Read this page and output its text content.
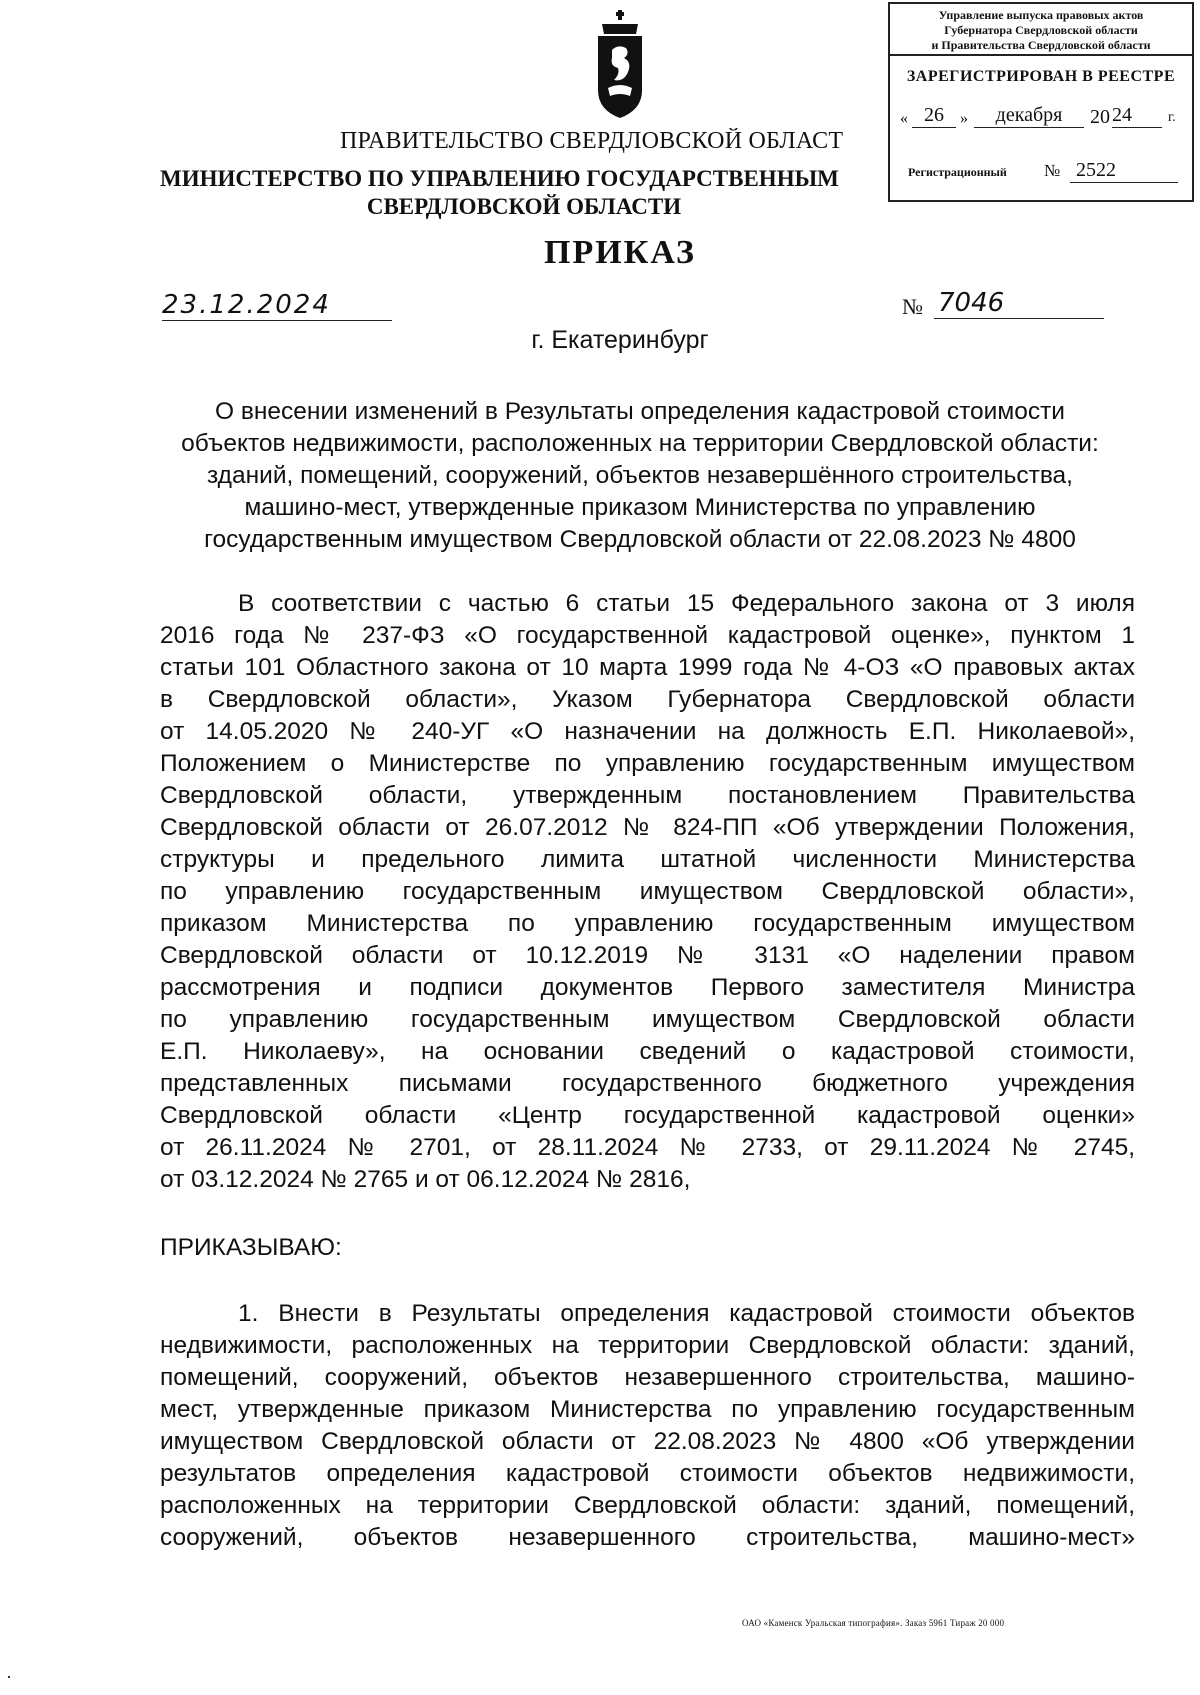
Управление выпуска правовых актов
Губернатора Свердловской области
и Правительства Свердловской области
ЗАРЕГИСТРИРОВАН В РЕЕСТРЕ
« 26	»	декабря	20 24	г.
Регистрационный № 2522
ПРАВИТЕЛЬСТВО СВЕРДЛОВСКОЙ ОБЛАСТ
МИНИСТЕРСТВО ПО УПРАВЛЕНИЮ ГОСУДАРСТВЕННЫМ
СВЕРДЛОВСКОЙ ОБЛАСТИ
ПРИКАЗ
23.12.2024	№ 7046
г. Екатеринбург
О внесении изменений в Результаты определения кадастровой стоимости
объектов недвижимости, расположенных на территории Свердловской области:
зданий, помещений, сооружений, объектов незавершённого строительства,
машино-мест, утвержденные приказом Министерства по управлению
государственным имуществом Свердловской области от 22.08.2023 № 4800
В соответствии с частью 6 статьи 15 Федерального закона от 3 июля
2016 года № 237-ФЗ «О государственной кадастровой оценке», пунктом 1
статьи 101 Областного закона от 10 марта 1999 года № 4-ОЗ «О правовых актах
в Свердловской области», Указом Губернатора Свердловской области
от 14.05.2020 № 240-УГ «О назначении на должность Е.П. Николаевой»,
Положением о Министерстве по управлению государственным имуществом
Свердловской области, утвержденным постановлением Правительства
Свердловской области от 26.07.2012 № 824-ПП «Об утверждении Положения,
структуры и предельного лимита штатной численности Министерства
по управлению государственным имуществом Свердловской области»,
приказом Министерства по управлению государственным имуществом
Свердловской области от 10.12.2019 № 3131 «О наделении правом
рассмотрения и подписи документов Первого заместителя Министра
по управлению государственным имуществом Свердловской области
Е.П. Николаеву», на основании сведений о кадастровой стоимости,
представленных письмами государственного бюджетного учреждения
Свердловской области «Центр государственной кадастровой оценки»
от 26.11.2024 № 2701, от 28.11.2024 № 2733, от 29.11.2024 № 2745,
от 03.12.2024 № 2765 и от 06.12.2024 № 2816,
ПРИКАЗЫВАЮ:
1. Внести в Результаты определения кадастровой стоимости объектов
недвижимости, расположенных на территории Свердловской области: зданий,
помещений, сооружений, объектов незавершенного строительства, машино-
мест, утвержденные приказом Министерства по управлению государственным
имуществом Свердловской области от 22.08.2023 № 4800 «Об утверждении
результатов определения кадастровой стоимости объектов недвижимости,
расположенных на территории Свердловской области: зданий, помещений,
сооружений, объектов незавершенного строительства, машино-мест»
ОАО «Каменск Уральская типография». Заказ 5961 Тираж 20 000
